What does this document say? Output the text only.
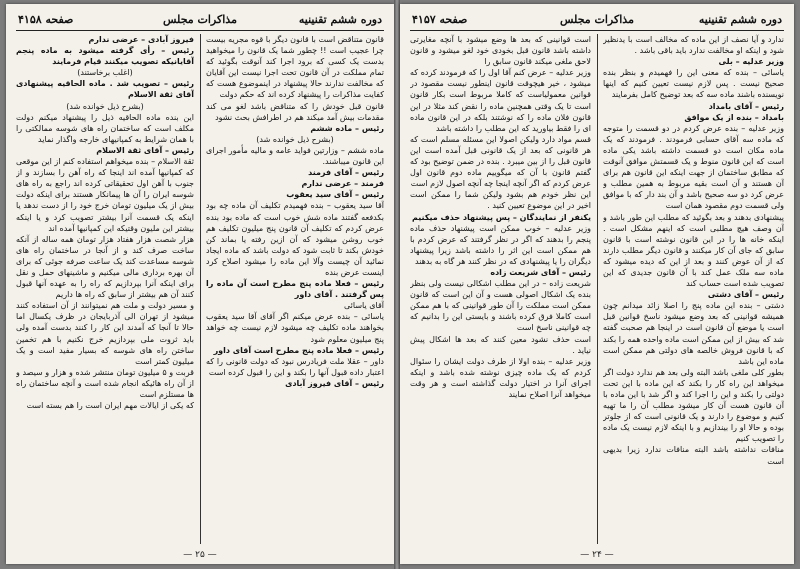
دوره ششم تقنینیه
مذاکرات مجلس
صفحه ۴۱۵۸

قانون متناقض است با قانون دیگر با قوه مجریه بیست چرا عجیب است !! چطور شما یک قانون را میخواهید بدست یک کسی که برود اجرا کند آنوقت بگوئید که تمام مملکت در آن قانون تحت اجرا نیست این آقایان که مخالفت ندارند حالا پیشنهاد در اینموضوع هست که کفایت مذاکرات را پیشنهاد کرده اند که حکم دولت

قانون قبل خودش را که متناقض باشد لغو می کند مقدمات بیش آمد میکند هم در اطرافش بحث نشود

رئیس – ماده ششم

(بشرح ذیل خوانده شد)

ماده ششم – وزارتین فواید عامه و مالیه مأمور اجرای این قانون میباشند.

رئیس – آقای فرمند

فرمند – عرضی ندارم

رئیس – آقای سید یعقوب

آقا سید یعقوب – بنده فهمیدم تکلیف آن ماده چه بود بکدفعه گفتند ماده شش خوب است که ماده بود بنده عرض کردم که تکلیف آن قانون پنج میلیون تکلیف هم خوب روشن میشود که آن ازین رفته یا بماند کن خودش بکند تا ثابت شود که دولت باشد که ماده ایجاد نمائید آن چیست وآلا این ماده را میشود اصلاح کرد اینست عرض بنده

رئیس – فعلا ماده پنج مطرح است آن ماده را پس گرفتند . آقای داور

آقای یاسائی

یاسائی – بنده عرض میکنم اگر آقای آقا سید یعقوب بخواهند ماده تکلیف چه میشود لازم نیست چه خواهد پنج میلیون معلوم شود

رئیس – فعلا ماده پنج مطرح است آقای داور

داور – عقلا ملت فریادرس نبود که دولت قانونی را که اعتبار داده قبول آنها را بکند و این را قبول کرده است

رئیس – آقای فیروز آبادی

فیروز آبادی – عرضی ندارم

رئیس – رأی گرفته میشود به ماده پنجم آقایانیکه تصویب میکنند قیام فرمایند

(اغلب برخاستند)

رئیس – تصویب شد . ماده الحاقیه پیشنهادی آقای ثقة الاسلام

(بشرح ذیل خوانده شد)

این بنده ماده الحاقیه ذیل را پیشنهاد میکنم دولت مکلف است که ساختمان راه های شوسه ممالکتی را با همان شرایط به کمپانیهای خارجه واگذار نماید

رئیس – آقای ثقة الاسلام

ثقة الاسلام – بنده میخواهم استفاده کنم از این موقعی که کمپانیها آمده اند اینجا که راه آهن را بسازند و از جنوب با آهن اول تحقیقاتی کرده اند راجع به راه های شوسه ایران را آن ها پیمانکار هستند برای اینکه دولت بیش از یک میلیون تومان خرج خود را از دست ندهد یا اینکه یک قسمت آنرا بیشتر تصویب کرد و یا اینکه بیشتر این ملیون وقتیکه این کمپانیها آمده اند

هزار شصت هزار هفتاد هزار تومان همه ساله از آنکه ساخت صرف کند و از آنجا در ساختمان راه های شوسه مساعدت کند یک ساعت صرفه جوئی که برای آن بهره برداری مالی میکنیم و ماشینهای حمل و نقل برای اینکه آنرا بپردازیم که راه را به عهده آنها قبول کنند آن هم بیشتر از سابق که راه ها داریم

و مسیر دولت و ملت هم نمیتوانند از آن استفاده کنند میشود از تهران الی آذربایجان در ظرف یکسال اما حالا تا آنجا که آمدند این کار را کنند بدست آمده ولی باید ثروت ملی بپردازیم خرج نکنیم با هم تخمین ساختن راه های شوسه که بسیار مفید است و یک میلیون کمتر است

قربت و ۵ میلیون تومان منتشر شده و هزار و سیصد و از آن راه هائیکه انجام شده است و آنچه ساختمان راه ها مستلزم است

که یکی از ایالات مهم ایران است را هم بسته است

— ۲۵ —
دوره ششم تقنینیه
مذاکرات مجلس
صفحه ۴۱۵۷

ندارد و آیا نصف از این ماده که مخالف است با یدنظیر شود و اینکه او مخالفت ندارد باید باقی باشد .

وزیر عدلیه – بلی

یاسائی – بنده که معنی این را فهمیدم و بنظر بنده صحیح نیست . پس لازم نیست تعیین کنیم که اینها نویسنده باشند ماده سه که بعد توضیح کامل بفرمایند

رئیس – آقای بامداد

بامداد – بنده از یک موافق

وزیر عدلیه – بنده عرض کردم در دو قسمت را متوجه که ماده سه آقای حسابی فرمودند . فرمودند که یک ماده مکان است دو قسمت داشته باشد یکی ماده است که این قانون منوط و یک قسمتش موافق آنوقت که مطابق ساختمان از جهت اینکه این قانون هم برای آن هستند و آن است بقیه مربوط به همین مطلب و عرض کرد دو سه صحیح باشد و آن بند دار که با موافق ولی قسمت دوم مقصود همان است

پیشنهادی بدهند و بعد بگوئید که مطلب این طور باشد و آن وصف هیچ مطلبی است که اینهم مشکل است . اینکه خانه ها را در این قانون نوشته است با قانون سابق که جای آن کار میکنند و قانون دیگر مطلب دارند که از آن عوض کنند و بعد از این که دیده میشود که ماده سه ملک عمل کند با آن قانون جدیدی که این تصویب شده است حساب کند

رئیس – آقای دشتی

دشتی – بنده این ماده پنج را اصلا زائد میدانم چون همیشه قوانینی که بعد وضع میشود ناسخ قوانین قبل است یا موضع آن قانون است در اینجا هم صحبت گفته شد که بیش از این ممکن است ماده واحده همه را بکند که با قانون فروش خالصه های دولتی هم ممکن است ماده این باشد

بطور کلی ملغی باشد البته ولی بعد هم ندارد دولت اگر میخواهد این راه کار را بکند که این ماده با این تحت دولتی را بکند و این را اجرا کند و اگر شد با این ماده با آن قانون هست آن کار میشود مطلب آن را ما تهیه کنیم و موضوع را دارند و یک قانونی است که از جلوتر بوده و حالا او را بیندازیم و با اینکه لازم نیست یک ماده را تصویب کنیم

منافات نداشته باشد البته منافات ندارد زیرا بدیهی است

است قوانینی که بعد ها وضع میشود با آنچه مغایرتی داشته باشد قانون قبل بخودی خود لغو میشود و قانون لاحق ملغی میکند قانون سابق را

وزیر عدلیه – عرض کنم آقا اول را که فرمودند کرده که میشود ، خیر هیچوقت قانون اینطور نیست مقصود در قوانین معمولیاست که کاملا مربوط است بکار قانون است تا یک وقتی همچنین ماده را نقض کند مثلا در این قانون فلان ماده را که نوشتند بلکه در این قانون ماده ای را فقط بیاورید که این مطلب را داشته باشد

قسم مواد دارد ولیکن اصولا این مسئله مسلم است که هر قانونی که بعد از یک قانونی قبل آمده است این قانون قبل را از بین میبرد . بنده در ضمن توضیح بود که گفتم قانون با آن که میگوییم ماده دوم قانون اول عرض کردم که اگر آنچه اینجا چه آنچه اصول لازم است

این نظر خودم هم بشود ولیکن شما را ممکن است اخیر در این موضوع تعیین کنید .

یکنفر از نمایندگان – پس پیشنهاد حذف میکنیم

وزیر عدلیه – خوب ممکن است پیشنهاد حذف ماده پنجم را بدهند که اگر در نظر گرفتند که عرض کردم با هم ممکن است این اثر را داشته باشد زیرا پیشنهاد دیگران را یا پیشنهادی که در نظر کنند هر گاه به بدهند

رئیس – آقای شریعت زاده

شریعت زاده – در این مطلب اشکالی نیست ولی بنظر بنده یک اشکال اصولی هست و آن این است که قانون ممکن است مملکت را آن طور قوانینی که با هم ممکن است کاملا فرق کرده باشند و بایستی این را بدانیم که چه قوانینی ناسخ است

است حذف نشود معین کنند که بعد ها اشکال پیش نیاید .

وزیر عدلیه – بنده اولا از طرف دولت ایشان را سئوال کردم که یک ماده چیزی نوشته شده باشد و اینکه اجرای آنرا در اختیار دولت گذاشته است و هر وقت میخواهد آنرا اصلاح نمایند

— ۲۴ —
